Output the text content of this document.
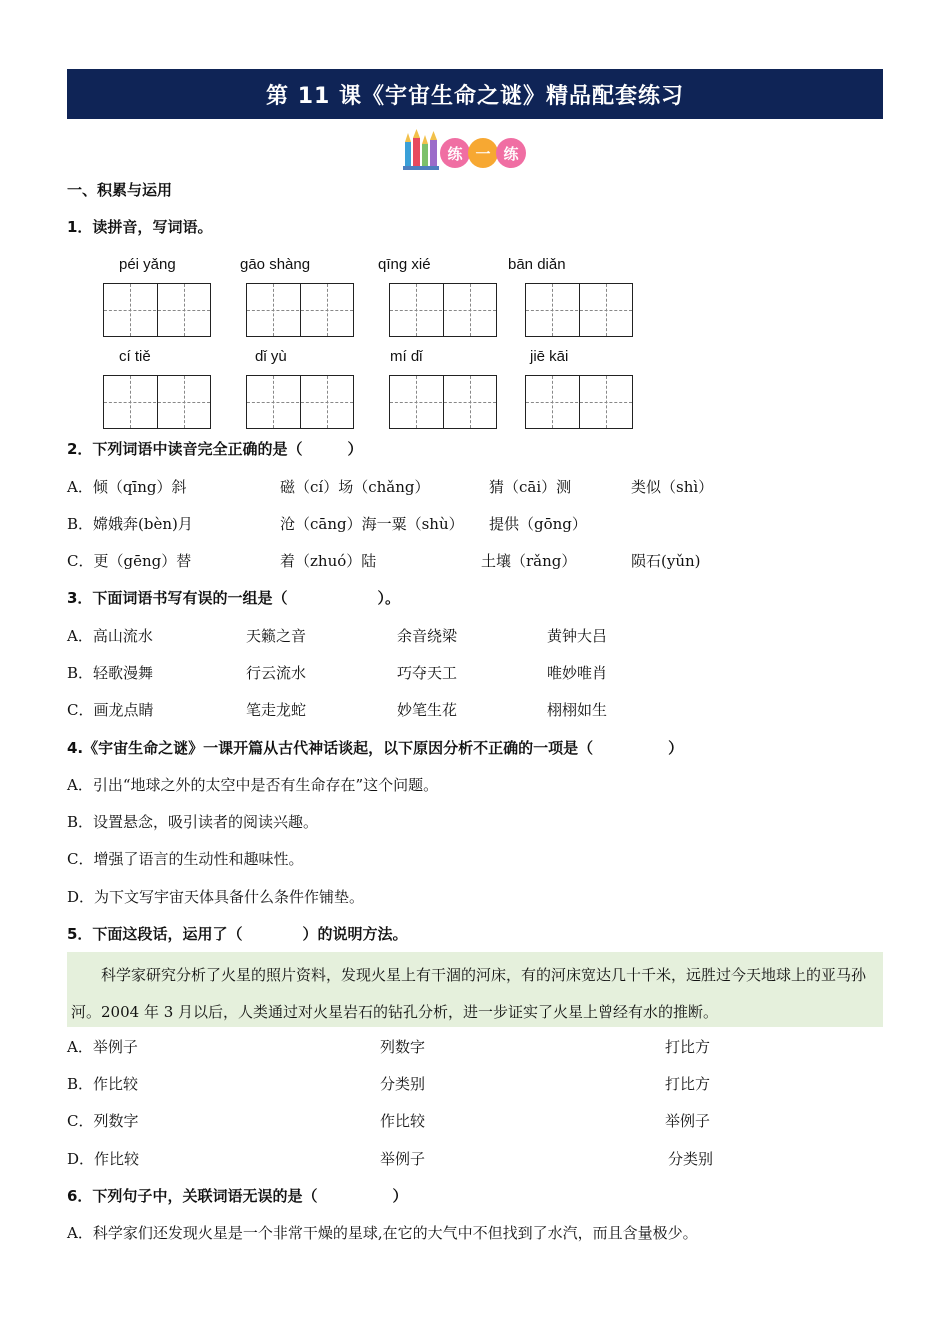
第 11 课《宇宙生命之谜》精品配套练习
练 一 练
一、积累与运用
1．读拼音，写词语。
péi yǎng	gāo shàng	qīng xié	bān diǎn
cí tiě	dǐ yù	mí dǐ	jiē kāi
2．下列词语中读音完全正确的是（　　　）
A．倾（qīng）斜	磁（cí）场（chǎng）	猜（cāi）测	类似（shì）
B．嫦娥奔(bèn)月	沧（cāng）海一粟（shù） 提供（gōng）
C．更（gēng）替	着（zhuó）陆	土壤（rǎng）	陨石(yǔn)
3．下面词语书写有误的一组是（　　　　　　）。
A．高山流水	天籁之音	余音绕梁	黄钟大吕
B．轻歌漫舞	行云流水	巧夺天工	唯妙唯肖
C．画龙点睛	笔走龙蛇	妙笔生花	栩栩如生
4.《宇宙生命之谜》一课开篇从古代神话谈起，以下原因分析不正确的一项是（　　　　　）
A．引出“地球之外的太空中是否有生命存在”这个问题。
B．设置悬念，吸引读者的阅读兴趣。
C．增强了语言的生动性和趣味性。
D．为下文写宇宙天体具备什么条件作铺垫。
5．下面这段话，运用了（　　　　）的说明方法。
科学家研究分析了火星的照片资料，发现火星上有干涸的河床，有的河床宽达几十千米，远胜过今天地球上的亚马孙河。2004 年 3 月以后，人类通过对火星岩石的钻孔分析，进一步证实了火星上曾经有水的推断。
A．举例子	列数字	打比方
B．作比较	分类别	打比方
C．列数字	作比较	举例子
D．作比较	举例子	分类别
6．下列句子中，关联词语无误的是（　　　　　）
A．科学家们还发现火星是一个非常干燥的星球,在它的大气中不但找到了水汽，而且含量极少。
